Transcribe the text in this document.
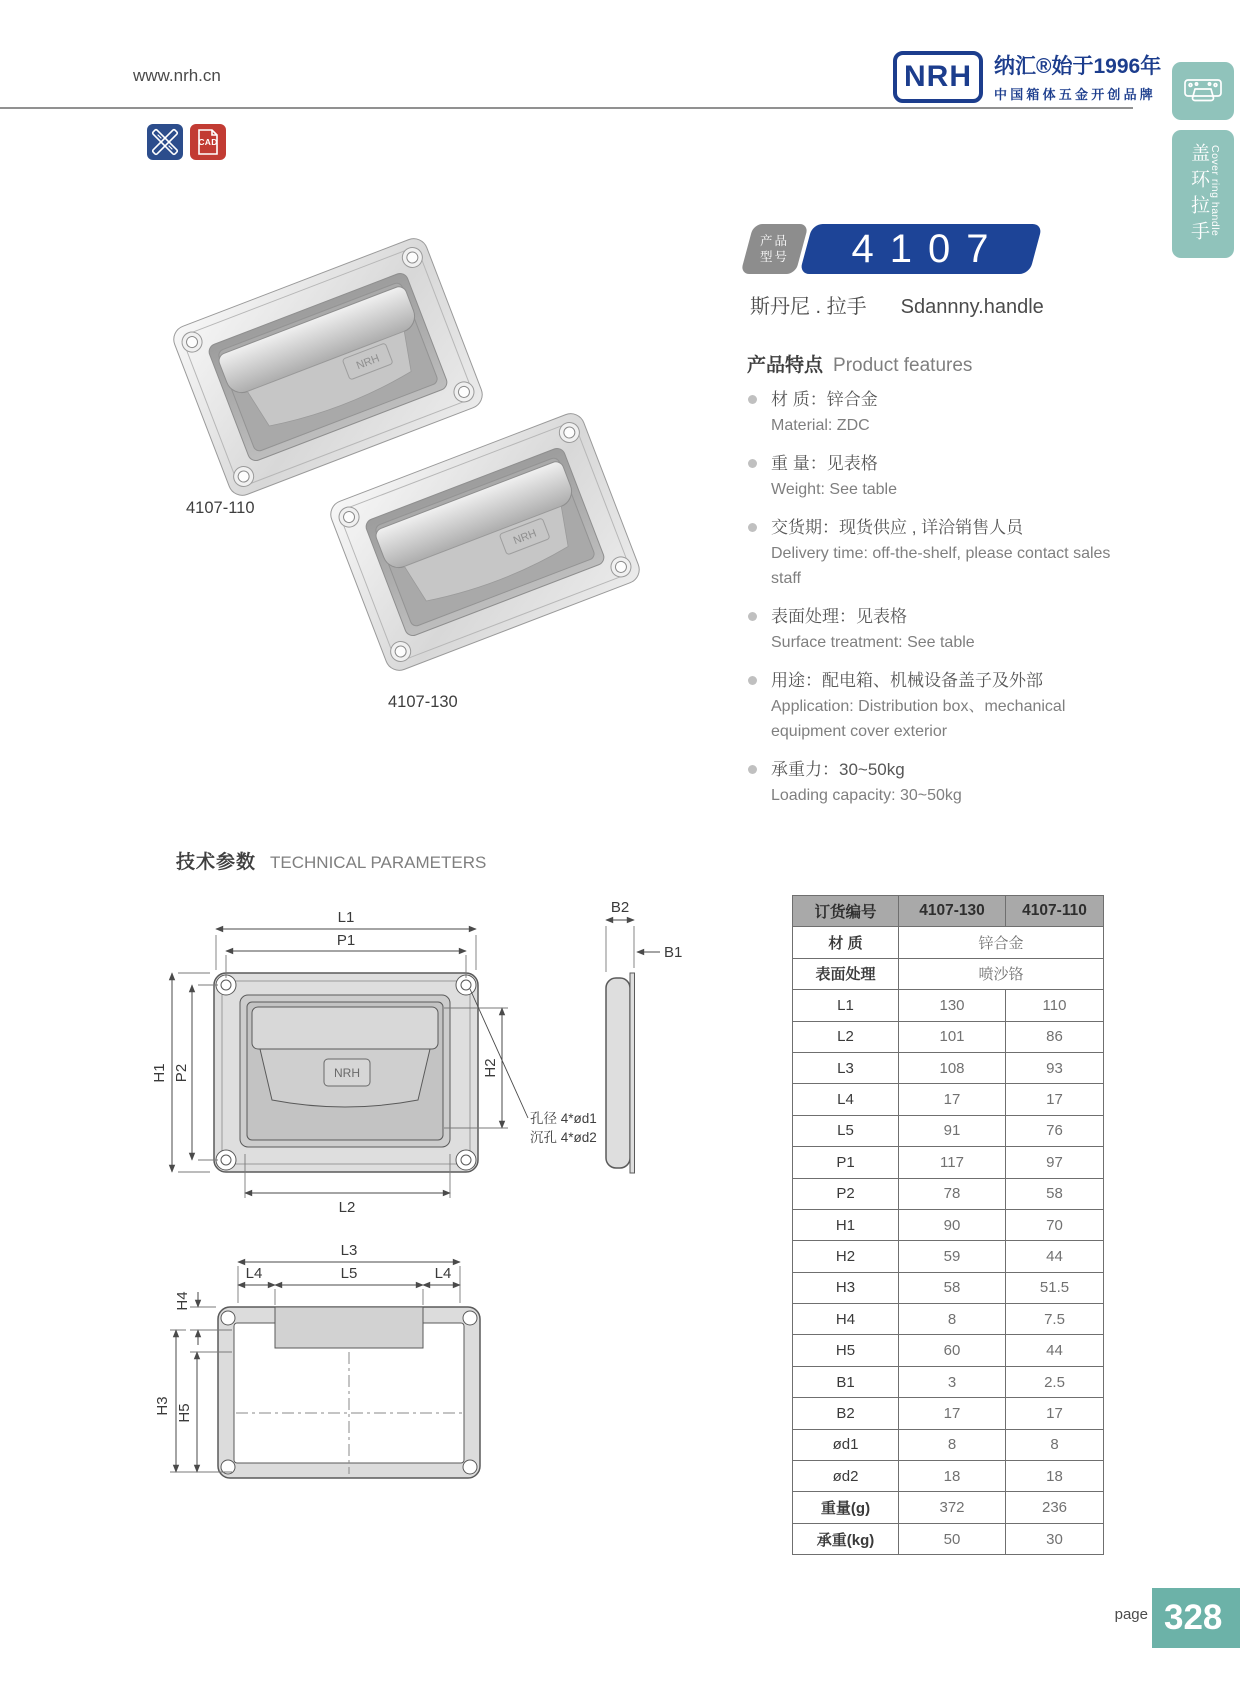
www.nrh.cn	NRH	纳汇®始于1996年
中国箱体五金开创品牌
CAD
盖环拉手 Cover ring handle
NRH
4107-110
4107-130
产品
型号	4107
斯丹尼 . 拉手 Sdannny.handle
产品特点 Product features
材 质：锌合金
Material: ZDC
重 量：见表格
Weight: See table
交货期：现货供应 , 详洽销售人员
Delivery time: off-the-shelf, please contact sales staff
表面处理：见表格
Surface treatment: See table
用途：配电箱、机械设备盖子及外部
Application: Distribution box、mechanical equipment cover exterior
承重力：30~50kg
Loading capacity: 30~50kg
技术参数 TECHNICAL PARAMETERS
NRH
L1
P1
H1 P2	H2
L2
孔径 4*ød1
沉孔 4*ød2
B2
B1
L3
L4	L5	L4
H4
H3 H5
订货编号	4107-130	4107-110
材 质	锌合金	
表面处理	喷沙铬	
L1	130	110
L2	101	86
L3	108	93
L4	17	17
L5	91	76
P1	117	97
P2	78	58
H1	90	70
H2	59	44
H3	58	51.5
H4	8	7.5
H5	60	44
B1	3	2.5
B2	17	17
ød1	8	8
ød2	18	18
重量(g)	372	236
承重(kg)	50	30
page 328
